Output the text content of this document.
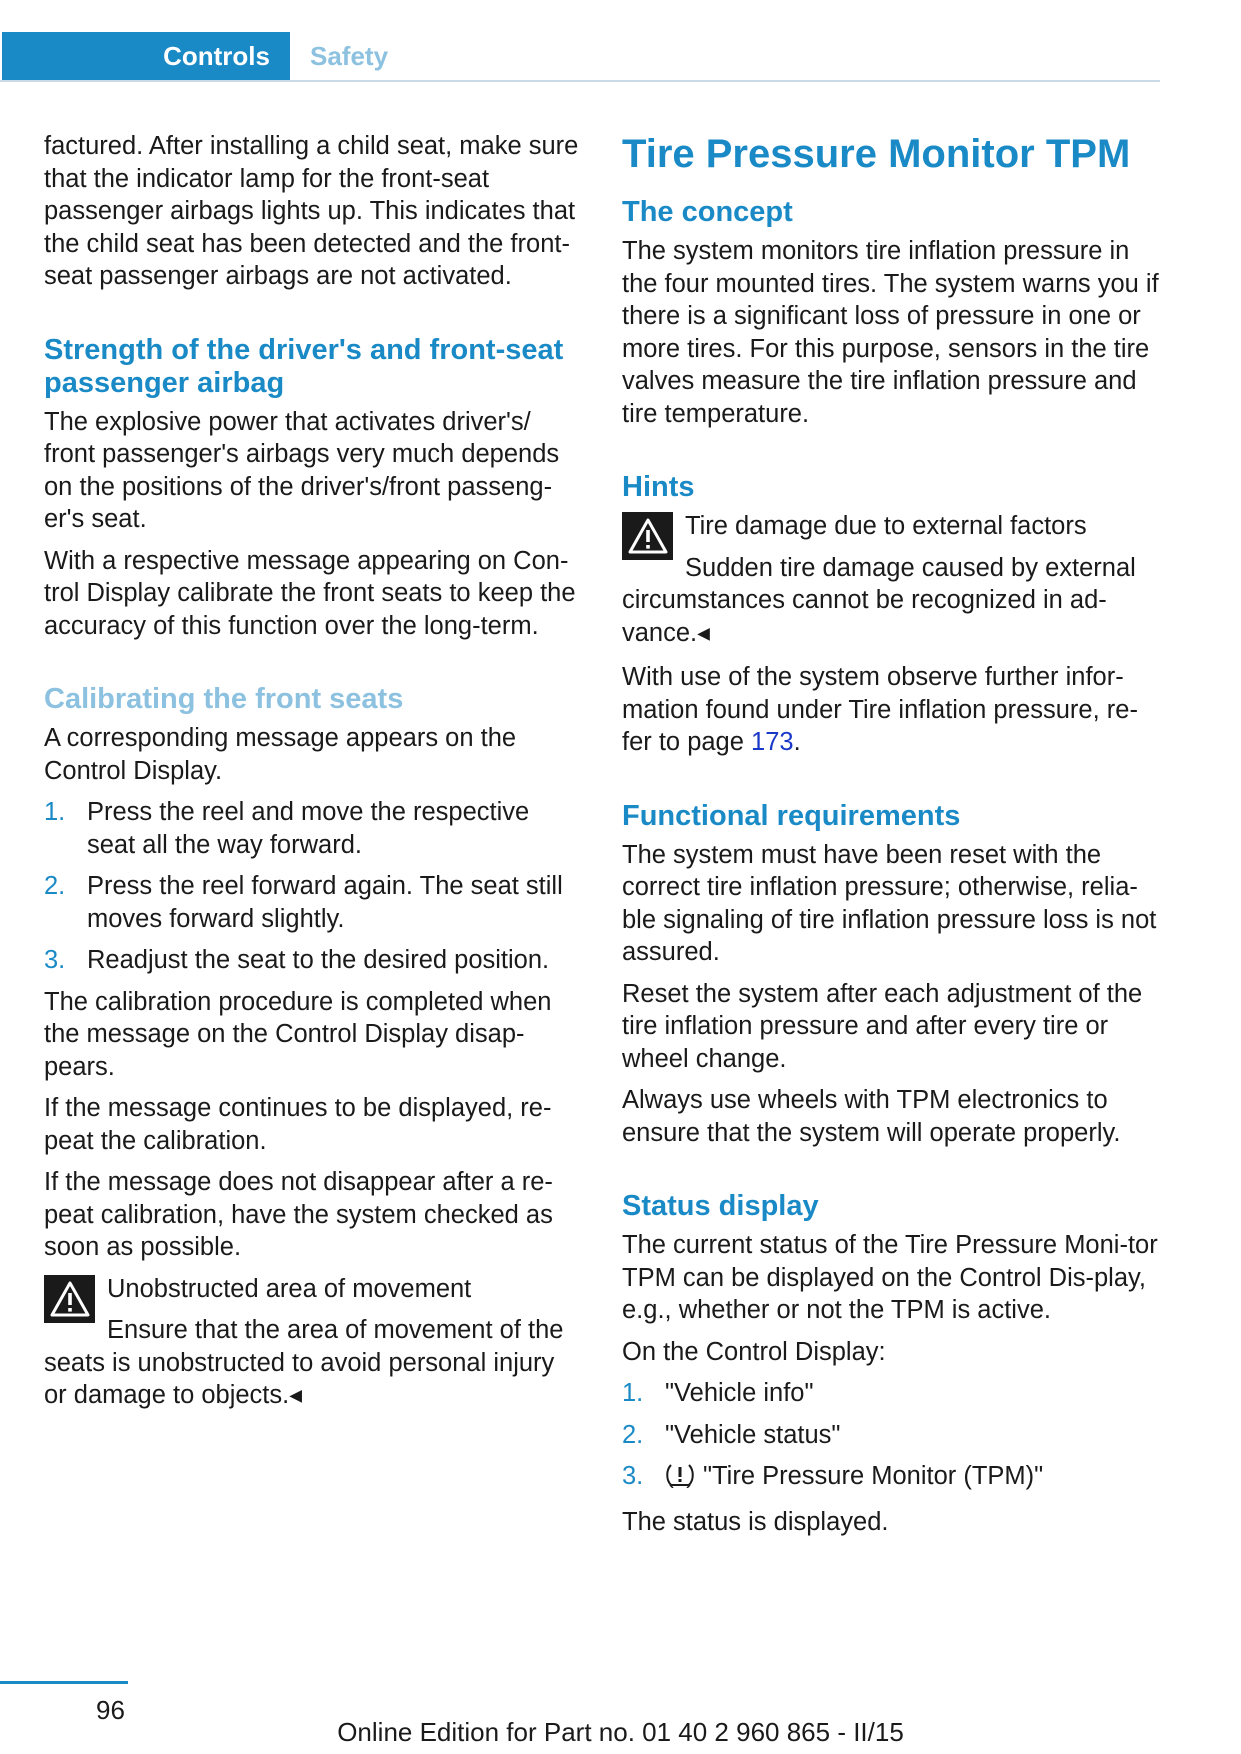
Controls	Safety

factured. After installing a child seat, make sure that the indicator lamp for the front-seat passenger airbags lights up. This indicates that the child seat has been detected and the front-seat passenger airbags are not activated.

Strength of the driver's and front-seat passenger airbag

The explosive power that activates driver's/ front passenger's airbags very much depends on the positions of the driver's/front passeng‐er's seat.

With a respective message appearing on Con‐trol Display calibrate the front seats to keep the accuracy of this function over the long‐term.

Calibrating the front seats

A corresponding message appears on the Control Display.

1. Press the reel and move the respective seat all the way forward.
2. Press the reel forward again. The seat still moves forward slightly.
3. Readjust the seat to the desired position.

The calibration procedure is completed when the message on the Control Display disap‐pears.

If the message continues to be displayed, re‐peat the calibration.

If the message does not disappear after a re‐peat calibration, have the system checked as soon as possible.

Unobstructed area of movement

Ensure that the area of movement of the seats is unobstructed to avoid personal injury or damage to objects.◂

Tire Pressure Monitor TPM
The concept

The system monitors tire inflation pressure in the four mounted tires. The system warns you if there is a significant loss of pressure in one or more tires. For this purpose, sensors in the tire valves measure the tire inflation pressure and tire temperature.

Hints

Tire damage due to external factors

Sudden tire damage caused by external circumstances cannot be recognized in ad‐vance.◂

With use of the system observe further infor‐mation found under Tire inflation pressure, re‐fer to page 173.

Functional requirements

The system must have been reset with the correct tire inflation pressure; otherwise, relia‐ble signaling of tire inflation pressure loss is not assured.

Reset the system after each adjustment of the tire inflation pressure and after every tire or wheel change.

Always use wheels with TPM electronics to ensure that the system will operate properly.

Status display

The current status of the Tire Pressure Moni‐tor TPM can be displayed on the Control Dis‐play, e.g., whether or not the TPM is active.

On the Control Display:

1. "Vehicle info"
2. "Vehicle status"
3. "Tire Pressure Monitor (TPM)"

The status is displayed.

96
Online Edition for Part no. 01 40 2 960 865 - II/15
